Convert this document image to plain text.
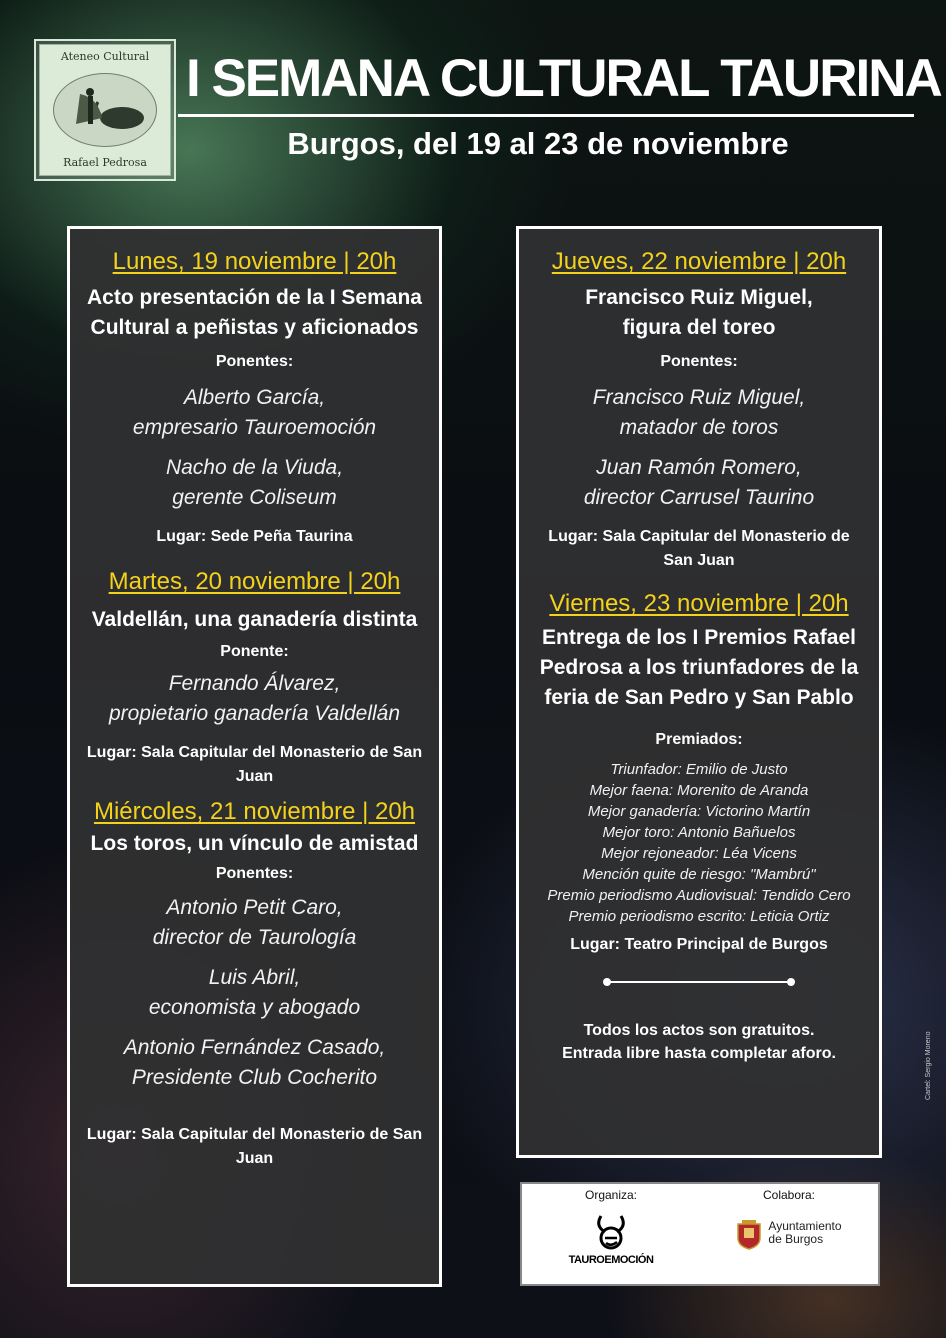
Ateneo Cultural
Rafael Pedrosa
I SEMANA CULTURAL TAURINA
Burgos, del 19 al 23 de noviembre
Lunes, 19 noviembre | 20h
Acto presentación de la I Semana Cultural a peñistas y aficionados
Ponentes:
Alberto García,
empresario Tauroemoción
Nacho de la Viuda,
gerente Coliseum
Lugar: Sede Peña Taurina
Martes, 20 noviembre | 20h
Valdellán, una ganadería distinta
Ponente:
Fernando Álvarez,
propietario ganadería Valdellán
Lugar: Sala Capitular del Monasterio de San Juan
Miércoles, 21 noviembre | 20h
Los toros, un vínculo de amistad
Ponentes:
Antonio Petit Caro,
director de Taurología
Luis Abril,
economista y abogado
Antonio Fernández Casado,
Presidente Club Cocherito
Lugar: Sala Capitular del Monasterio de San Juan
Jueves, 22 noviembre | 20h
Francisco Ruiz Miguel, figura del toreo
Ponentes:
Francisco Ruiz Miguel,
matador de toros
Juan Ramón Romero,
director Carrusel Taurino
Lugar: Sala Capitular del Monasterio de San Juan
Viernes, 23 noviembre | 20h
Entrega de los I Premios Rafael Pedrosa a los triunfadores de la feria de San Pedro y San Pablo
Premiados:
Triunfador: Emilio de Justo
Mejor faena: Morenito de Aranda
Mejor ganadería: Victorino Martín
Mejor toro: Antonio Bañuelos
Mejor rejoneador: Léa Vicens
Mención quite de riesgo: "Mambrú"
Premio periodismo Audiovisual: Tendido Cero
Premio periodismo escrito: Leticia Ortiz
Lugar: Teatro Principal de Burgos
Todos los actos son gratuitos.
Entrada libre hasta completar aforo.
Organiza:
TAUROEMOCIÓN
Colabora:
Ayuntamiento
de Burgos
Cartel: Sergio Moreno
